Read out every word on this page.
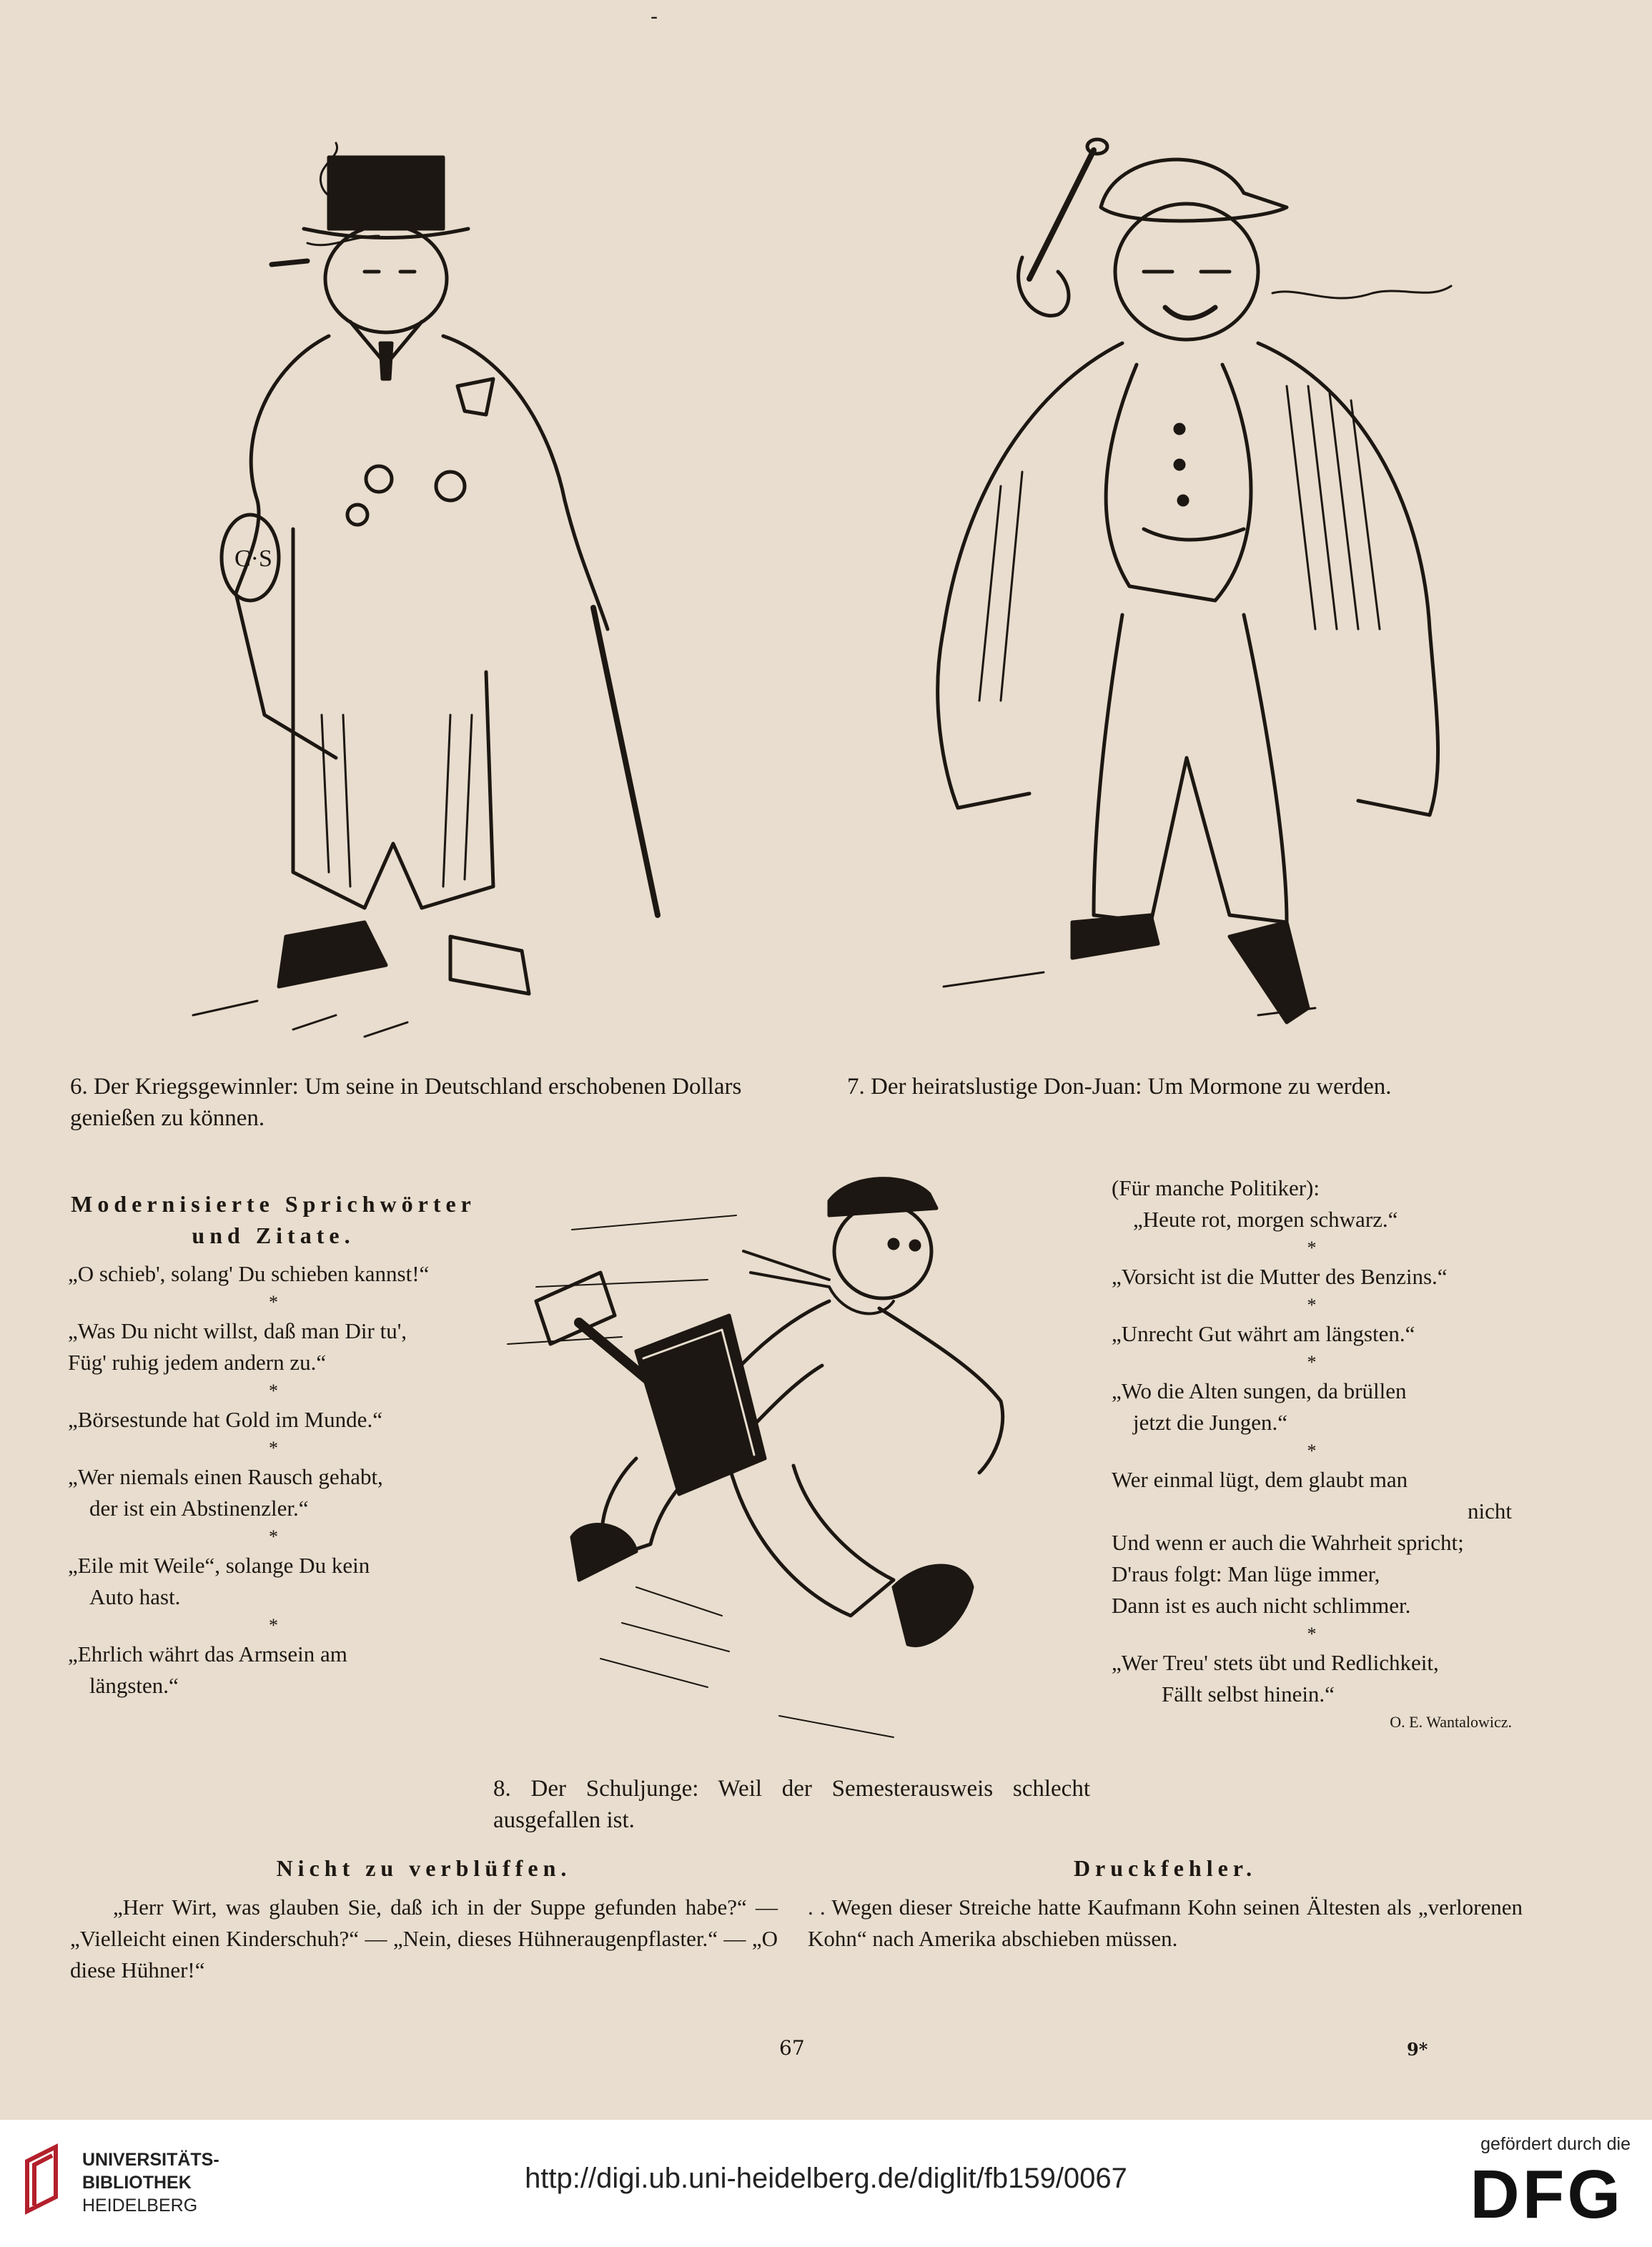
-
C·S
6. Der Kriegsgewinnler: Um seine in Deutschland erschobenen Dollars genießen zu können.
7. Der heiratslustige Don-Juan: Um Mormone zu werden.
Modernisierte Sprichwörter und Zitate.
„O schieb', solang' Du schieben kannst!“
*
„Was Du nicht willst, daß man Dir tu',
Füg' ruhig jedem andern zu.“
*
„Börsestunde hat Gold im Munde.“
*
„Wer niemals einen Rausch gehabt,
der ist ein Abstinenzler.“
*
„Eile mit Weile“, solange Du kein
Auto hast.
*
„Ehrlich währt das Armsein am
längsten.“
8. Der Schuljunge: Weil der Semesterausweis schlecht ausgefallen ist.
(Für manche Politiker):
„Heute rot, morgen schwarz.“
*
„Vorsicht ist die Mutter des Benzins.“
*
„Unrecht Gut währt am längsten.“
*
„Wo die Alten sungen, da brüllen
jetzt die Jungen.“
*
Wer einmal lügt, dem glaubt man
nicht
Und wenn er auch die Wahrheit spricht;
D'raus folgt: Man lüge immer,
Dann ist es auch nicht schlimmer.
*
„Wer Treu' stets übt und Redlichkeit,
Fällt selbst hinein.“
O. E. Wantalowicz.
Nicht zu verblüffen.
„Herr Wirt, was glauben Sie, daß ich in der Suppe gefunden habe?“ — „Vielleicht einen Kinderschuh?“ — „Nein, dieses Hühneraugenpflaster.“ — „O diese Hühner!“
Druckfehler.
. . Wegen dieser Streiche hatte Kaufmann Kohn seinen Ältesten als „verlorenen Kohn“ nach Amerika abschieben müssen.
67	9*
UNIVERSITÄTS-
BIBLIOTHEK
HEIDELBERG
http://digi.ub.uni-heidelberg.de/diglit/fb159/0067
gefördert durch die
DFG
